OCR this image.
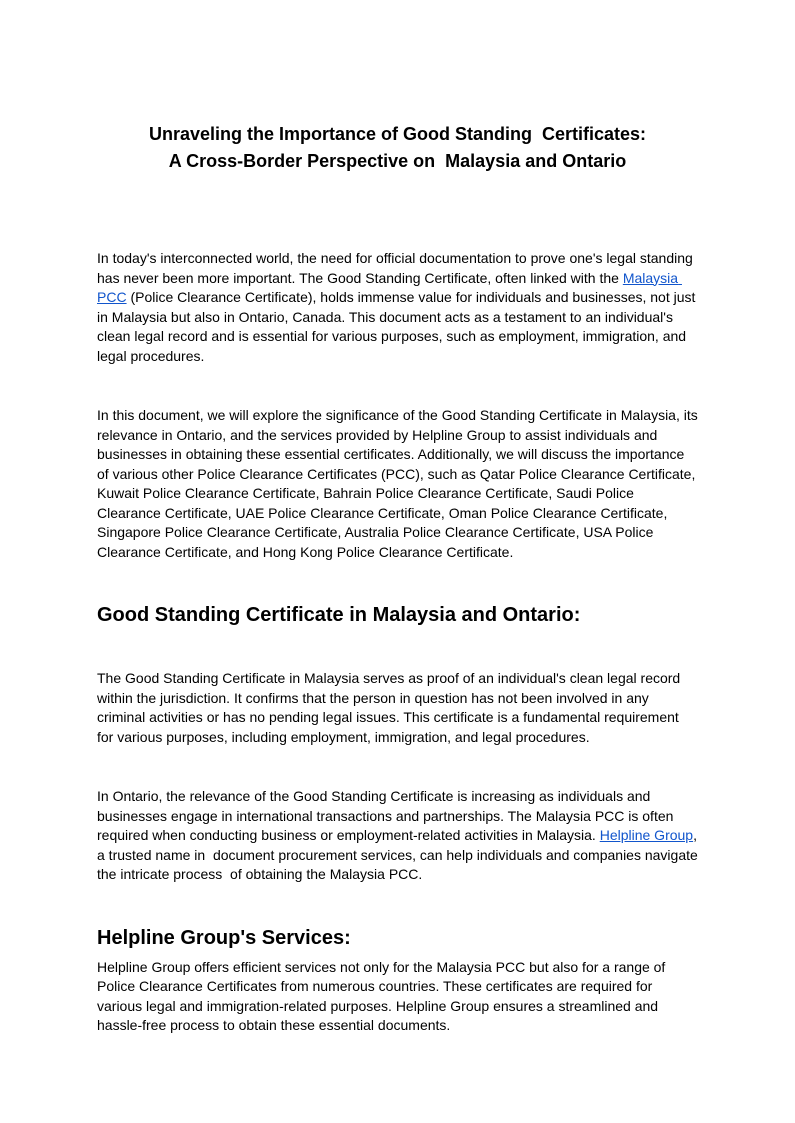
Unraveling the Importance of Good Standing  Certificates:
A Cross-Border Perspective on  Malaysia and Ontario

In today's interconnected world, the need for official documentation to prove one's legal standing has never been more important. The Good Standing Certificate, often linked with the Malaysia PCC (Police Clearance Certificate), holds immense value for individuals and businesses, not just in Malaysia but also in Ontario, Canada. This document acts as a testament to an individual's clean legal record and is essential for various purposes, such as employment, immigration, and legal procedures.

In this document, we will explore the significance of the Good Standing Certificate in Malaysia, its relevance in Ontario, and the services provided by Helpline Group to assist individuals and businesses in obtaining these essential certificates. Additionally, we will discuss the importance of various other Police Clearance Certificates (PCC), such as Qatar Police Clearance Certificate, Kuwait Police Clearance Certificate, Bahrain Police Clearance Certificate, Saudi Police Clearance Certificate, UAE Police Clearance Certificate, Oman Police Clearance Certificate, Singapore Police Clearance Certificate, Australia Police Clearance Certificate, USA Police Clearance Certificate, and Hong Kong Police Clearance Certificate.

Good Standing Certificate in Malaysia and Ontario:

The Good Standing Certificate in Malaysia serves as proof of an individual's clean legal record within the jurisdiction. It confirms that the person in question has not been involved in any criminal activities or has no pending legal issues. This certificate is a fundamental requirement for various purposes, including employment, immigration, and legal procedures.

In Ontario, the relevance of the Good Standing Certificate is increasing as individuals and businesses engage in international transactions and partnerships. The Malaysia PCC is often required when conducting business or employment-related activities in Malaysia. Helpline Group, a trusted name in  document procurement services, can help individuals and companies navigate the intricate process  of obtaining the Malaysia PCC.

Helpline Group's Services:

Helpline Group offers efficient services not only for the Malaysia PCC but also for a range of Police Clearance Certificates from numerous countries. These certificates are required for various legal and immigration-related purposes. Helpline Group ensures a streamlined and hassle-free process to obtain these essential documents.
